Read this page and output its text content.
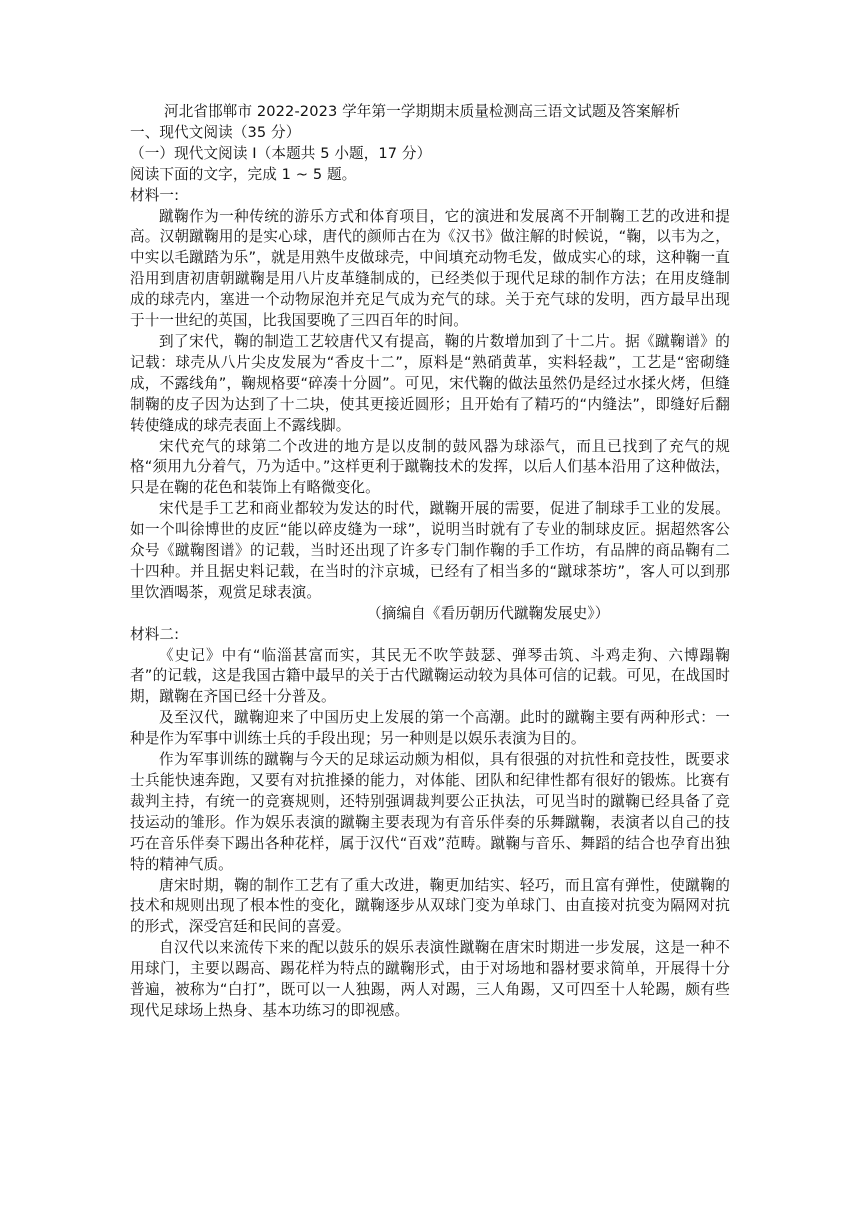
河北省邯郸市 2022-2023 学年第一学期期末质量检测高三语文试题及答案解析
一、现代文阅读（35 分）
（一）现代文阅读 I（本题共 5 小题，17 分）
阅读下面的文字，完成 1 ~ 5 题。
材料一:

蹴鞠作为一种传统的游乐方式和体育项目，它的演进和发展离不开制鞠工艺的改进和提高。汉朝蹴鞠用的是实心球，唐代的颜师古在为《汉书》做注解的时候说，“鞠，以韦为之，中实以毛蹴踏为乐”，就是用熟牛皮做球壳，中间填充动物毛发，做成实心的球，这种鞠一直沿用到唐初唐朝蹴鞠是用八片皮革缝制成的，已经类似于现代足球的制作方法；在用皮缝制成的球壳内，塞进一个动物尿泡并充足气成为充气的球。关于充气球的发明，西方最早出现于十一世纪的英国，比我国要晚了三四百年的时间。

到了宋代，鞠的制造工艺较唐代又有提高，鞠的片数增加到了十二片。据《蹴鞠谱》的记载：球壳从八片尖皮发展为“香皮十二”，原料是“熟硝黄革，实料轻裁”，工艺是“密砌缝成，不露线角”，鞠规格要“碎凑十分圆”。可见，宋代鞠的做法虽然仍是经过水揉火烤，但缝制鞠的皮子因为达到了十二块，使其更接近圆形；且开始有了精巧的“内缝法”，即缝好后翻转使缝成的球壳表面上不露线脚。

宋代充气的球第二个改进的地方是以皮制的鼓风器为球添气，而且已找到了充气的规格“须用九分着气，乃为适中。”这样更利于蹴鞠技术的发挥，以后人们基本沿用了这种做法，只是在鞠的花色和装饰上有略微变化。

宋代是手工艺和商业都较为发达的时代，蹴鞠开展的需要，促进了制球手工业的发展。如一个叫徐博世的皮匠“能以碎皮缝为一球”，说明当时就有了专业的制球皮匠。据超然客公众号《蹴鞠图谱》的记载，当时还出现了许多专门制作鞠的手工作坊，有品牌的商品鞠有二十四种。并且据史料记载，在当时的汴京城，已经有了相当多的“蹴球茶坊”，客人可以到那里饮酒喝茶，观赏足球表演。

（摘编自《看历朝历代蹴鞠发展史》）
材料二:

《史记》中有“临淄甚富而实，其民无不吹竽鼓瑟、弹琴击筑、斗鸡走狗、六博蹋鞠者”的记载，这是我国古籍中最早的关于古代蹴鞠运动较为具体可信的记载。可见，在战国时期，蹴鞠在齐国已经十分普及。

及至汉代，蹴鞠迎来了中国历史上发展的第一个高潮。此时的蹴鞠主要有两种形式：一种是作为军事中训练士兵的手段出现；另一种则是以娱乐表演为目的。

作为军事训练的蹴鞠与今天的足球运动颇为相似，具有很强的对抗性和竞技性，既要求士兵能快速奔跑，又要有对抗推搡的能力，对体能、团队和纪律性都有很好的锻炼。比赛有裁判主持，有统一的竞赛规则，还特别强调裁判要公正执法，可见当时的蹴鞠已经具备了竞技运动的雏形。作为娱乐表演的蹴鞠主要表现为有音乐伴奏的乐舞蹴鞠，表演者以自己的技巧在音乐伴奏下踢出各种花样，属于汉代“百戏”范畴。蹴鞠与音乐、舞蹈的结合也孕育出独特的精神气质。

唐宋时期，鞠的制作工艺有了重大改进，鞠更加结实、轻巧，而且富有弹性，使蹴鞠的技术和规则出现了根本性的变化，蹴鞠逐步从双球门变为单球门、由直接对抗变为隔网对抗的形式，深受宫廷和民间的喜爱。

自汉代以来流传下来的配以鼓乐的娱乐表演性蹴鞠在唐宋时期进一步发展，这是一种不用球门，主要以踢高、踢花样为特点的蹴鞠形式，由于对场地和器材要求简单，开展得十分普遍，被称为“白打”，既可以一人独踢，两人对踢，三人角踢，又可四至十人轮踢，颇有些现代足球场上热身、基本功练习的即视感。
